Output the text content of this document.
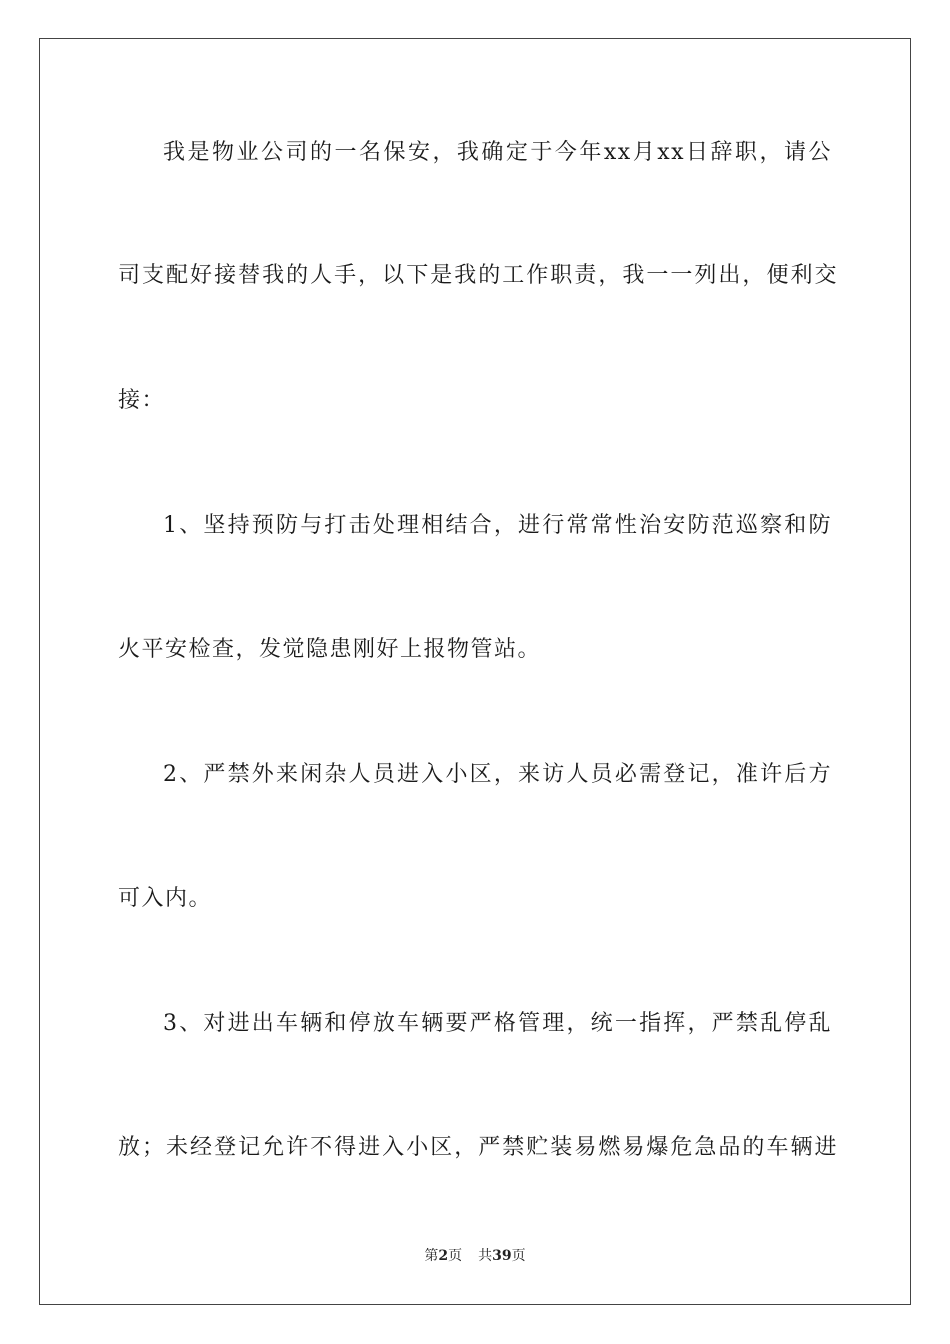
我是物业公司的一名保安，我确定于今年xx月xx日辞职，请公
司支配好接替我的人手，以下是我的工作职责，我一一列出，便利交
接：
1、坚持预防与打击处理相结合，进行常常性治安防范巡察和防
火平安检查，发觉隐患刚好上报物管站。
2、严禁外来闲杂人员进入小区，来访人员必需登记，准许后方
可入内。
3、对进出车辆和停放车辆要严格管理，统一指挥，严禁乱停乱
放；未经登记允许不得进入小区，严禁贮装易燃易爆危急品的车辆进
第2页 共39页
